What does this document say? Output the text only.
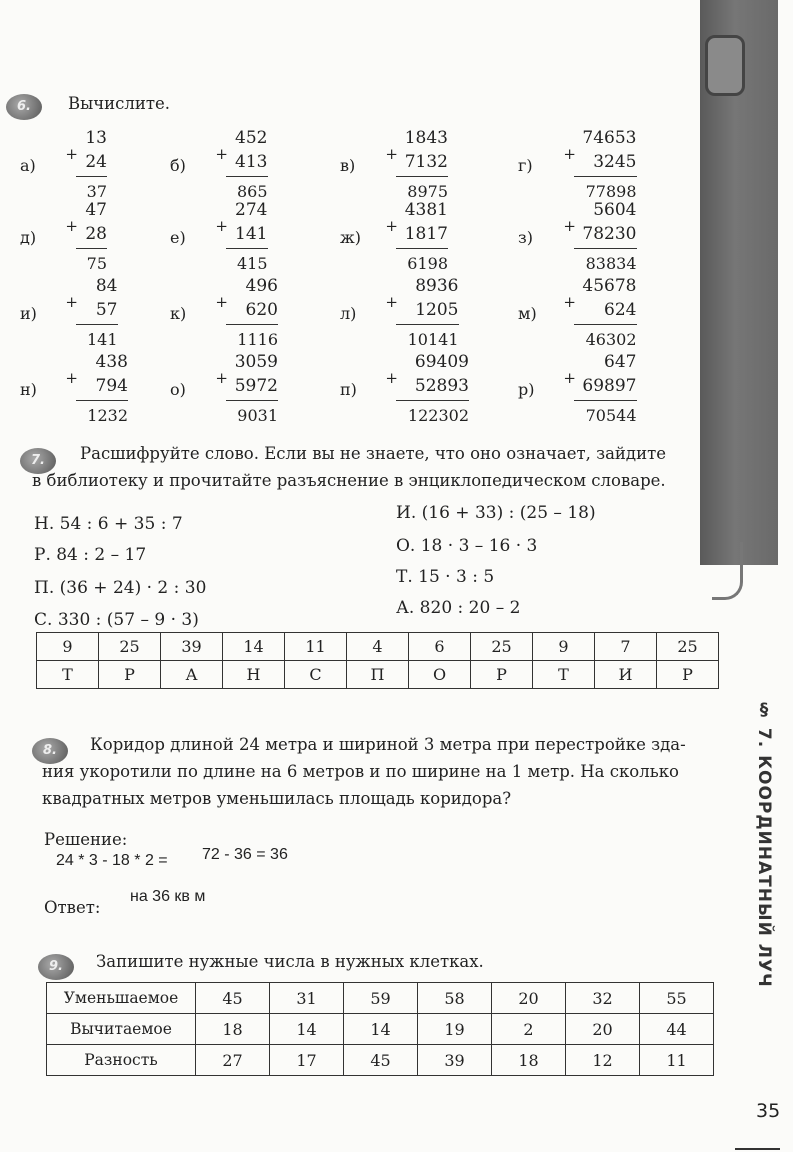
§ 7. КООРДИНАТНЫЙ ЛУЧ
6.	Вычислите.
а)
+
13
24
37
б)
+
452
413
865
в)
+
1843
7132
8975
г)
+
74653
3245
77898
д)
+
47
28
75
е)
+
274
141
415
ж)
+
4381
1817
6198
з)
+
5604
78230
83834
и)
+
84
57
141
к)
+
496
620
1116
л)
+
8936
1205
10141
м)
+
45678
624
46302
н)
+
438
794
1232
о)
+
3059
5972
9031
п)
+
69409
52893
122302
р)
+
647
69897
70544
7.	Расшифруйте слово. Если вы не знаете, что оно означает, зайдите
в библиотеку и прочитайте разъяснение в энциклопедическом словаре.
Н. 54 : 6 + 35 : 7
Р. 84 : 2 – 17
П. (36 + 24) · 2 : 30
С. 330 : (57 – 9 · 3)
И. (16 + 33) : (25 – 18)
О. 18 · 3 – 16 · 3
Т. 15 · 3 : 5
А. 820 : 20 – 2
9	25	39	14	11	4	6	25	9	7	25
Т	Р	А	Н	С	П	О	Р	Т	И	Р
8.	Коридор длиной 24 метра и шириной 3 метра при перестройке зда-
ния укоротили по длине на 6 метров и по ширине на 1 метр. На сколько
квадратных метров уменьшилась площадь коридора?
Решение:
24 * 3 - 18 * 2 = 72 - 36 = 36
Ответ:
на 36 кв м
9.	Запишите нужные числа в нужных клетках.
Уменьшаемое	45	31	59	58	20	32	55
Вычитаемое	18	14	14	19	2	20	44
Разность	27	17	45	39	18	12	11
35
